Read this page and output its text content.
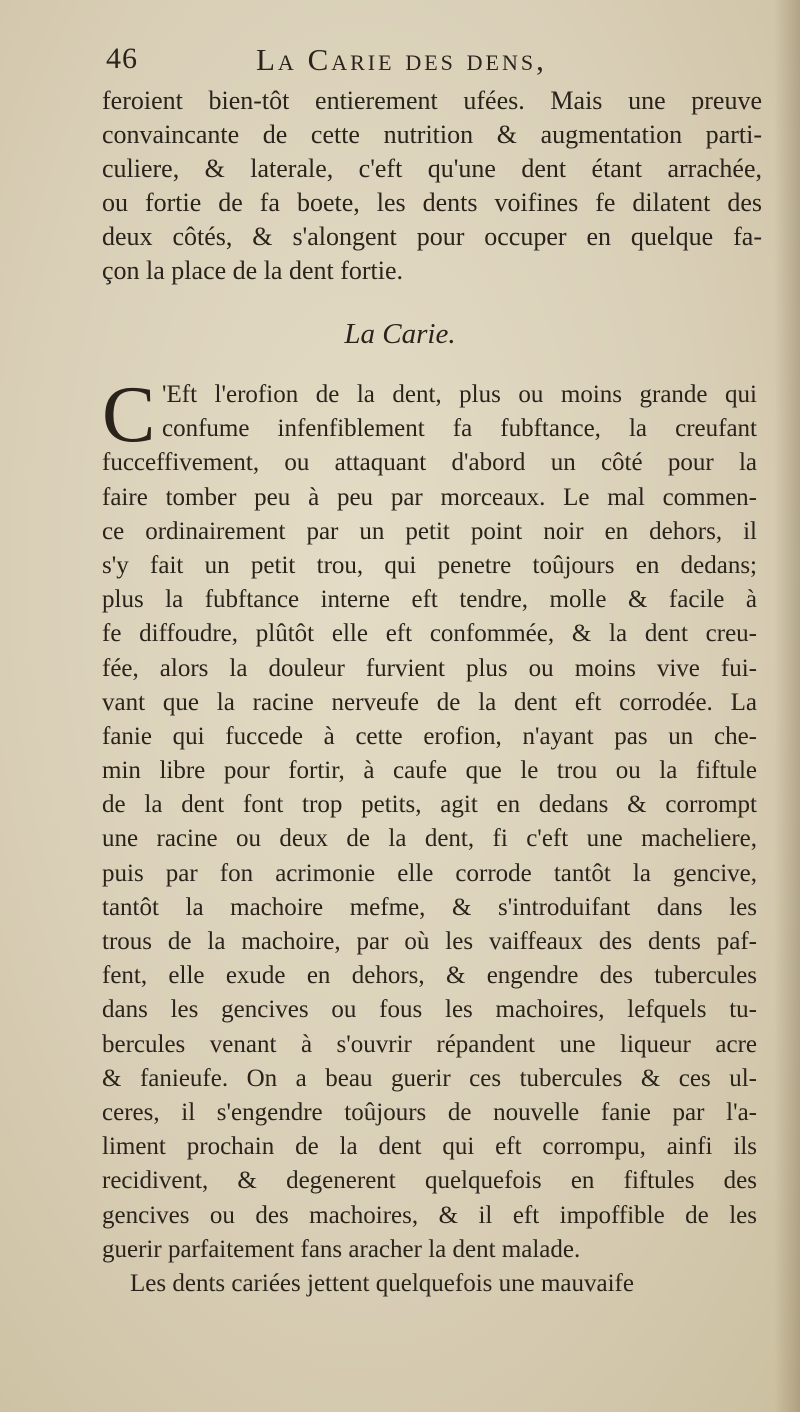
46	La Carie des dens,
feroient bien-tôt entierement ufées. Mais une preuve
convaincante de cette nutrition & augmentation parti-
culiere, & laterale, c'eft qu'une dent étant arrachée,
ou fortie de fa boete, les dents voifines fe dilatent des
deux côtés, & s'alongent pour occuper en quelque fa-
çon la place de la dent fortie.
La Carie.
C 'Eft l'erofion de la dent, plus ou moins grande qui
confume infenfiblement fa fubftance, la creufant
fucceffivement, ou attaquant d'abord un côté pour la
faire tomber peu à peu par morceaux. Le mal commen-
ce ordinairement par un petit point noir en dehors, il
s'y fait un petit trou, qui penetre toûjours en dedans;
plus la fubftance interne eft tendre, molle & facile à
fe diffoudre, plûtôt elle eft confommée, & la dent creu-
fée, alors la douleur furvient plus ou moins vive fui-
vant que la racine nerveufe de la dent eft corrodée. La
fanie qui fuccede à cette erofion, n'ayant pas un che-
min libre pour fortir, à caufe que le trou ou la fiftule
de la dent font trop petits, agit en dedans & corrompt
une racine ou deux de la dent, fi c'eft une macheliere,
puis par fon acrimonie elle corrode tantôt la gencive,
tantôt la machoire mefme, & s'introduifant dans les
trous de la machoire, par où les vaiffeaux des dents paf-
fent, elle exude en dehors, & engendre des tubercules
dans les gencives ou fous les machoires, lefquels tu-
bercules venant à s'ouvrir répandent une liqueur acre
& fanieufe. On a beau guerir ces tubercules & ces ul-
ceres, il s'engendre toûjours de nouvelle fanie par l'a-
liment prochain de la dent qui eft corrompu, ainfi ils
recidivent, & degenerent quelquefois en fiftules des
gencives ou des machoires, & il eft impoffible de les
guerir parfaitement fans aracher la dent malade.
Les dents cariées jettent quelquefois une mauvaife
